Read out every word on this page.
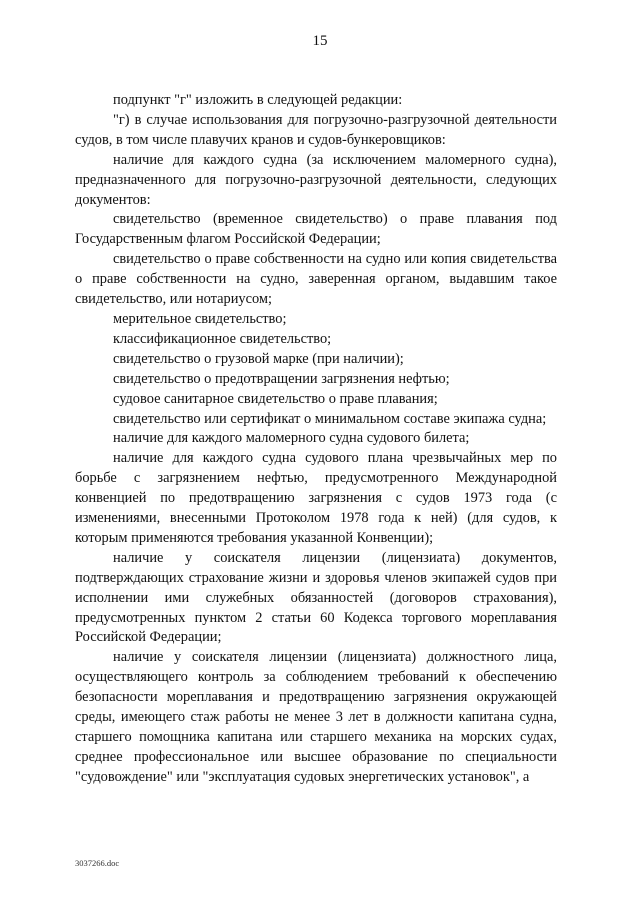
15

подпункт "г" изложить в следующей редакции:

"г) в случае использования для погрузочно-разгрузочной деятельности судов, в том числе плавучих кранов и судов-бункеровщиков:

наличие для каждого судна (за исключением маломерного судна), предназначенного для погрузочно-разгрузочной деятельности, следующих документов:

свидетельство (временное свидетельство) о праве плавания под Государственным флагом Российской Федерации;

свидетельство о праве собственности на судно или копия свидетельства о праве собственности на судно, заверенная органом, выдавшим такое свидетельство, или нотариусом;

мерительное свидетельство;

классификационное свидетельство;

свидетельство о грузовой марке (при наличии);

свидетельство о предотвращении загрязнения нефтью;

судовое санитарное свидетельство о праве плавания;

свидетельство или сертификат о минимальном составе экипажа судна;

наличие для каждого маломерного судна судового билета;

наличие для каждого судна судового плана чрезвычайных мер по борьбе с загрязнением нефтью, предусмотренного Международной конвенцией по предотвращению загрязнения с судов 1973 года (с изменениями, внесенными Протоколом 1978 года к ней) (для судов, к которым применяются требования указанной Конвенции);

наличие у соискателя лицензии (лицензиата) документов, подтверждающих страхование жизни и здоровья членов экипажей судов при исполнении ими служебных обязанностей (договоров страхования), предусмотренных пунктом 2 статьи 60 Кодекса торгового мореплавания Российской Федерации;

наличие у соискателя лицензии (лицензиата) должностного лица, осуществляющего контроль за соблюдением требований к обеспечению безопасности мореплавания и предотвращению загрязнения окружающей среды, имеющего стаж работы не менее 3 лет в должности капитана судна, старшего помощника капитана или старшего механика на морских судах, среднее профессиональное или высшее образование по специальности "судовождение" или "эксплуатация судовых энергетических установок", а

3037266.doc
